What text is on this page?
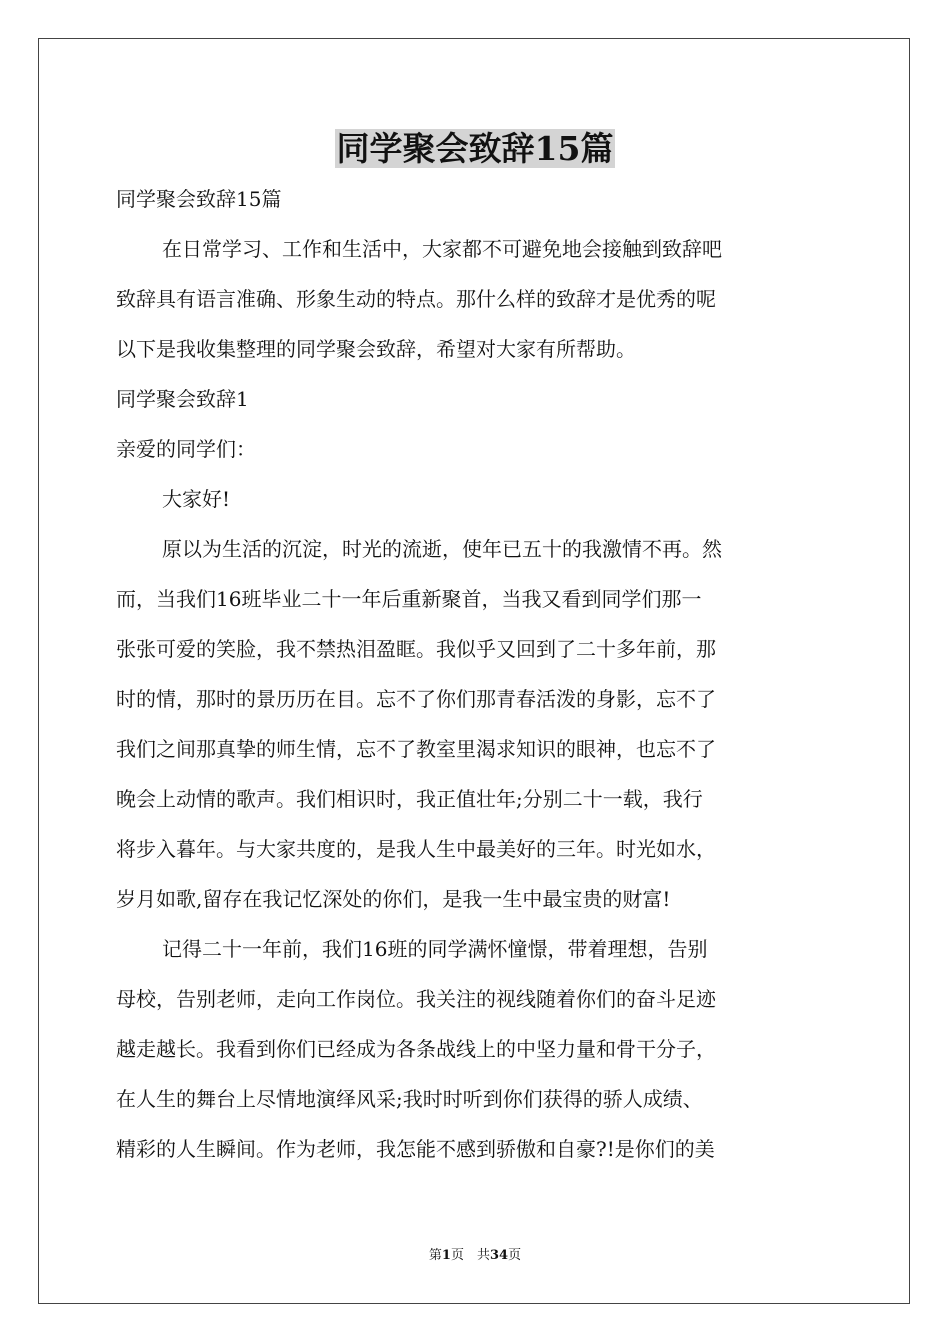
同学聚会致辞15篇
同学聚会致辞15篇
在日常学习、工作和生活中，大家都不可避免地会接触到致辞吧
致辞具有语言准确、形象生动的特点。那什么样的致辞才是优秀的呢
以下是我收集整理的同学聚会致辞，希望对大家有所帮助。
同学聚会致辞1
亲爱的同学们：
大家好!
原以为生活的沉淀，时光的流逝，使年已五十的我激情不再。然
而，当我们16班毕业二十一年后重新聚首，当我又看到同学们那一
张张可爱的笑脸，我不禁热泪盈眶。我似乎又回到了二十多年前，那
时的情，那时的景历历在目。忘不了你们那青春活泼的身影，忘不了
我们之间那真挚的师生情，忘不了教室里渴求知识的眼神，也忘不了
晚会上动情的歌声。我们相识时，我正值壮年;分别二十一载，我行
将步入暮年。与大家共度的，是我人生中最美好的三年。时光如水，
岁月如歌,留存在我记忆深处的你们，是我一生中最宝贵的财富!
记得二十一年前，我们16班的同学满怀憧憬，带着理想，告别
母校，告别老师，走向工作岗位。我关注的视线随着你们的奋斗足迹
越走越长。我看到你们已经成为各条战线上的中坚力量和骨干分子，
在人生的舞台上尽情地演绎风采;我时时听到你们获得的骄人成绩、
精彩的人生瞬间。作为老师，我怎能不感到骄傲和自豪?!是你们的美
第1页　共34页
